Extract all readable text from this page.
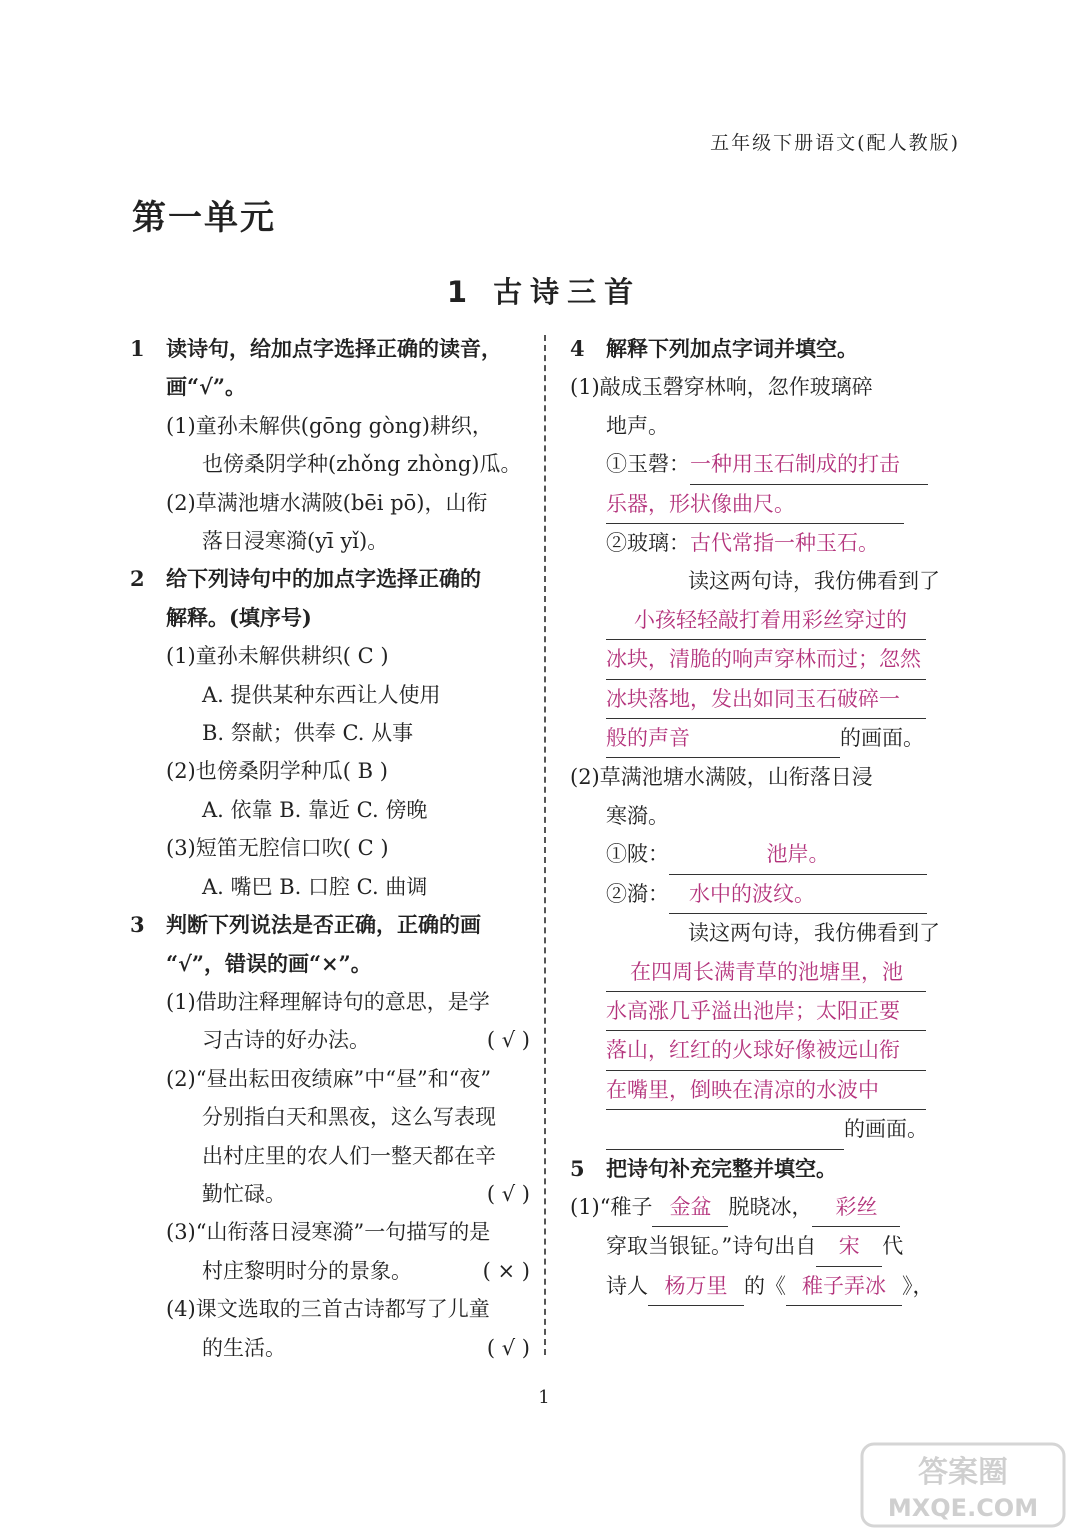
五年级下册语文(配人教版)
第一单元
1 古诗三首
1 读诗句，给加点字选择正确的读音，
画“√”。
(1)童孙未解供(gōng gòng)耕织，
也傍桑阴学种(zhǒng zhòng)瓜。
(2)草满池塘水满陂(bēi pō)，山衔
落日浸寒漪(yī yǐ)。
2 给下列诗句中的加点字选择正确的
解释。(填序号)
(1)童孙未解供耕织( C )
A. 提供某种东西让人使用
B. 祭献；供奉 C. 从事
(2)也傍桑阴学种瓜( B )
A. 依靠 B. 靠近 C. 傍晚
(3)短笛无腔信口吹( C )
A. 嘴巴 B. 口腔 C. 曲调
3 判断下列说法是否正确，正确的画
“√”，错误的画“×”。
(1)借助注释理解诗句的意思，是学
习古诗的好办法。	( √ )
(2)“昼出耘田夜绩麻”中“昼”和“夜”
分别指白天和黑夜，这么写表现
出村庄里的农人们一整天都在辛
勤忙碌。	( √ )
(3)“山衔落日浸寒漪”一句描写的是
村庄黎明时分的景象。	( × )
(4)课文选取的三首古诗都写了儿童
的生活。	( √ )
4 解释下列加点字词并填空。
(1)敲成玉磬穿林响，忽作玻璃碎
地声。
①玉磬：一种用玉石制成的打击
乐器，形状像曲尺。
②玻璃：古代常指一种玉石。
读这两句诗，我仿佛看到了
小孩轻轻敲打着用彩丝穿过的
冰块，清脆的响声穿林而过；忽然
冰块落地，发出如同玉石破碎一
般的声音	的画面。
(2)草满池塘水满陂，山衔落日浸
寒漪。
①陂：	池岸。
②漪： 水中的波纹。
读这两句诗，我仿佛看到了
在四周长满青草的池塘里，池
水高涨几乎溢出池岸；太阳正要
落山，红红的火球好像被远山衔
在嘴里，倒映在清凉的水波中
的画面。
5 把诗句补充完整并填空。
(1)“稚子 金盆 脱晓冰， 彩丝
穿取当银钲。”诗句出自 宋 代
诗人 杨万里 的《 稚子弄冰 》，
1
答案圈
MXQE.COM
